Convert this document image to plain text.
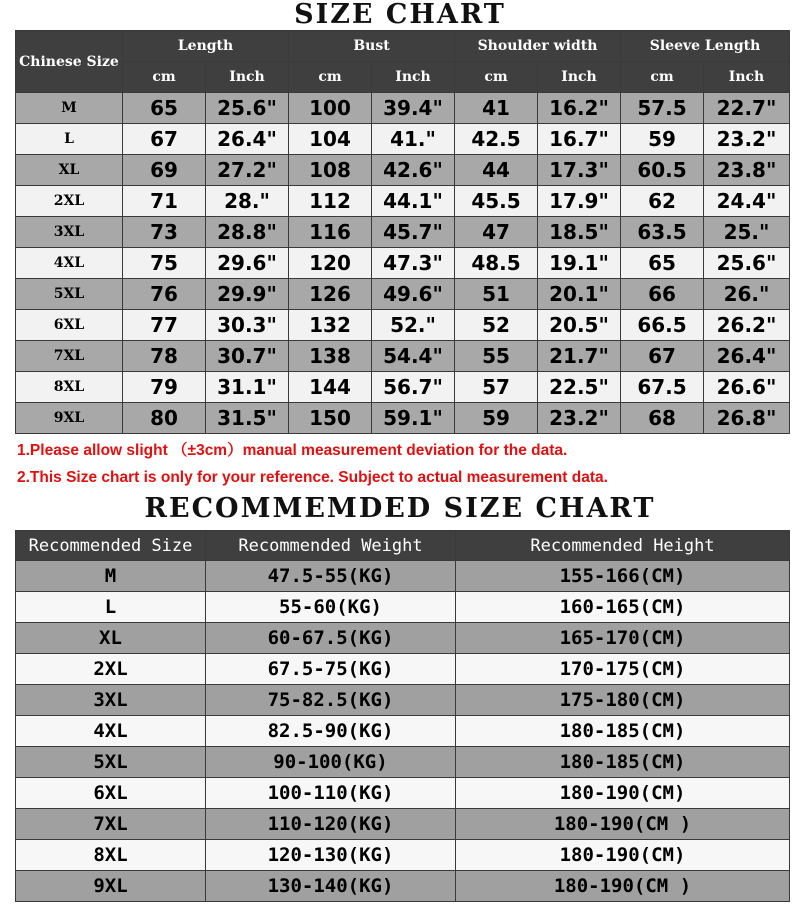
SIZE CHART
Chinese Size	Length		Bust		Shoulder width		Sleeve Length	
	cm	Inch	cm	Inch	cm	Inch	cm	Inch
M	65	25.6"	100	39.4"	41	16.2"	57.5	22.7"
L	67	26.4"	104	41."	42.5	16.7"	59	23.2"
XL	69	27.2"	108	42.6"	44	17.3"	60.5	23.8"
2XL	71	28."	112	44.1"	45.5	17.9"	62	24.4"
3XL	73	28.8"	116	45.7"	47	18.5"	63.5	25."
4XL	75	29.6"	120	47.3"	48.5	19.1"	65	25.6"
5XL	76	29.9"	126	49.6"	51	20.1"	66	26."
6XL	77	30.3"	132	52."	52	20.5"	66.5	26.2"
7XL	78	30.7"	138	54.4"	55	21.7"	67	26.4"
8XL	79	31.1"	144	56.7"	57	22.5"	67.5	26.6"
9XL	80	31.5"	150	59.1"	59	23.2"	68	26.8"
1.Please allow slight （±3cm）manual measurement deviation for the data.
2.This Size chart is only for your reference. Subject to actual measurement data.
RECOMMEMDED SIZE CHART
Recommended Size	Recommended Weight	Recommended Height
M	47.5-55(KG)	155-166(CM)
L	55-60(KG)	160-165(CM)
XL	60-67.5(KG)	165-170(CM)
2XL	67.5-75(KG)	170-175(CM)
3XL	75-82.5(KG)	175-180(CM)
4XL	82.5-90(KG)	180-185(CM)
5XL	90-100(KG)	180-185(CM)
6XL	100-110(KG)	180-190(CM)
7XL	110-120(KG)	180-190(CM )
8XL	120-130(KG)	180-190(CM)
9XL	130-140(KG)	180-190(CM )
